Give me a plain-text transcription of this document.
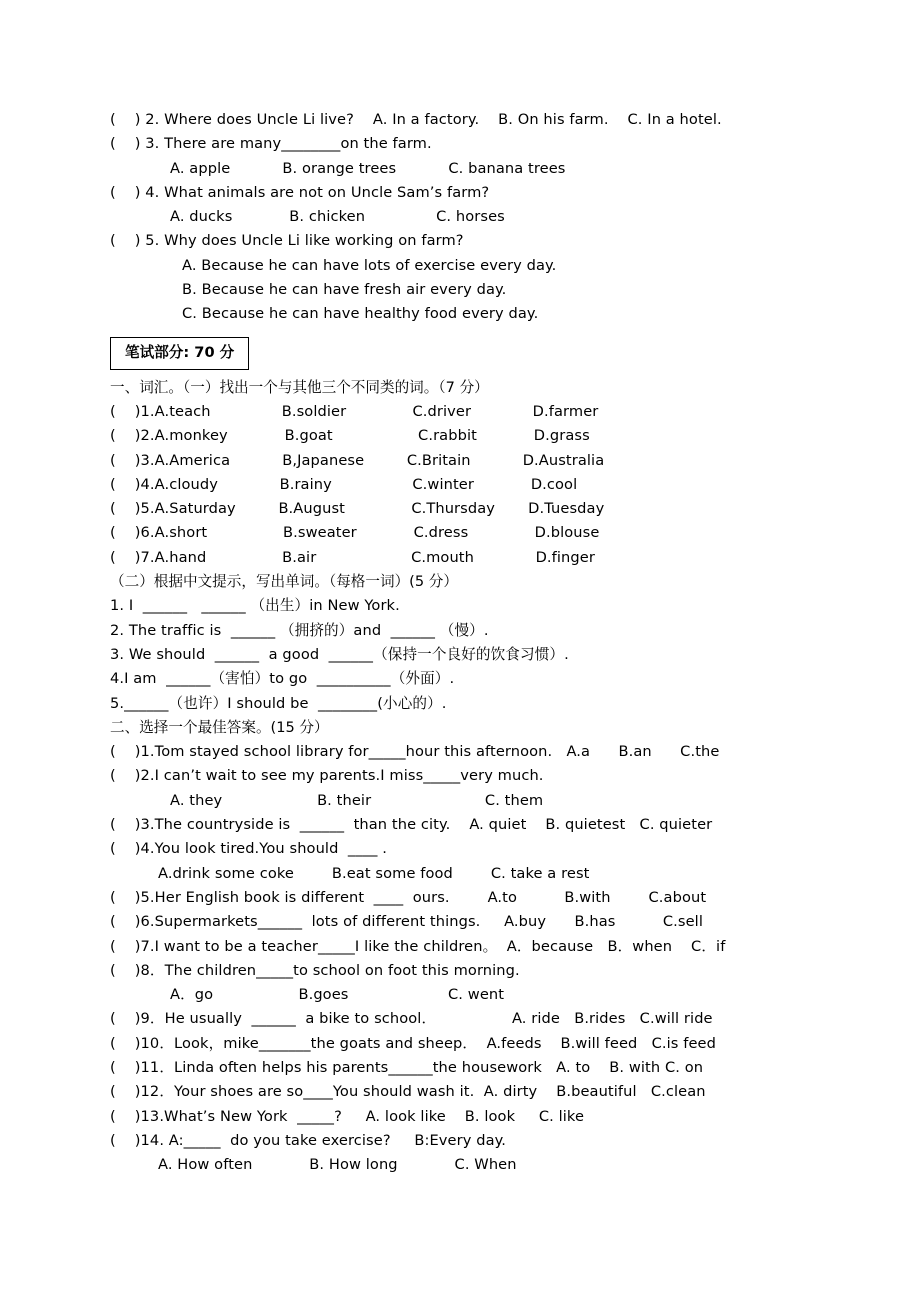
(    ) 2. Where does Uncle Li live?    A. In a factory.    B. On his farm.    C. In a hotel.
(    ) 3. There are many________on the farm.
A. apple           B. orange trees           C. banana trees
(    ) 4. What animals are not on Uncle Sam’s farm?
A. ducks            B. chicken               C. horses
(    ) 5. Why does Uncle Li like working on farm?
A. Because he can have lots of exercise every day.
B. Because he can have fresh air every day.
C. Because he can have healthy food every day.
笔试部分: 70 分
一、词汇。（一）找出一个与其他三个不同类的词。（7 分）
(    )1.A.teach               B.soldier              C.driver             D.farmer
(    )2.A.monkey            B.goat                  C.rabbit            D.grass
(    )3.A.America           B,Japanese         C.Britain           D.Australia
(    )4.A.cloudy             B.rainy                 C.winter            D.cool
(    )5.A.Saturday         B.August              C.Thursday       D.Tuesday
(    )6.A.short                B.sweater            C.dress              D.blouse
(    )7.A.hand                B.air                    C.mouth             D.finger
（二）根据中文提示，写出单词。（每格一词）(5 分）
1. I  ______   ______ （出生）in New York.
2. The traffic is  ______ （拥挤的）and  ______ （慢）.
3. We should  ______  a good  ______（保持一个良好的饮食习惯）.
4.I am  ______（害怕）to go  __________（外面）.
5.______（也许）I should be  ________(小心的）.
二、选择一个最佳答案。(15 分）
(    )1.Tom stayed school library for_____hour this afternoon.   A.a      B.an      C.the
(    )2.I can’t wait to see my parents.I miss_____very much.
A. they                    B. their                        C. them
(    )3.The countryside is  ______  than the city.    A. quiet    B. quietest   C. quieter
(    )4.You look tired.You should  ____ .
A.drink some coke        B.eat some food        C. take a rest
(    )5.Her English book is different  ____  ours.        A.to          B.with        C.about
(    )6.Supermarkets______  lots of different things.     A.buy      B.has          C.sell
(    )7.I want to be a teacher_____I like the children。  A．because   B．when    C．if
(    )8．The children_____to school on foot this morning.
A．go                  B.goes                     C. went
(    )9．He usually  ______  a bike to school．                A. ride   B.rides   C.will ride
(    )10．Look，mike_______the goats and sheep．  A.feeds    B.will feed   C.is feed
(    )11．Linda often helps his parents______the housework   A. to    B. with C. on
(    )12．Your shoes are so____You should wash it.  A. dirty    B.beautiful   C.clean
(    )13.What’s New York  _____?     A. look like    B. look     C. like
(    )14. A:_____  do you take exercise?     B:Every day.
A. How often            B. How long            C. When
